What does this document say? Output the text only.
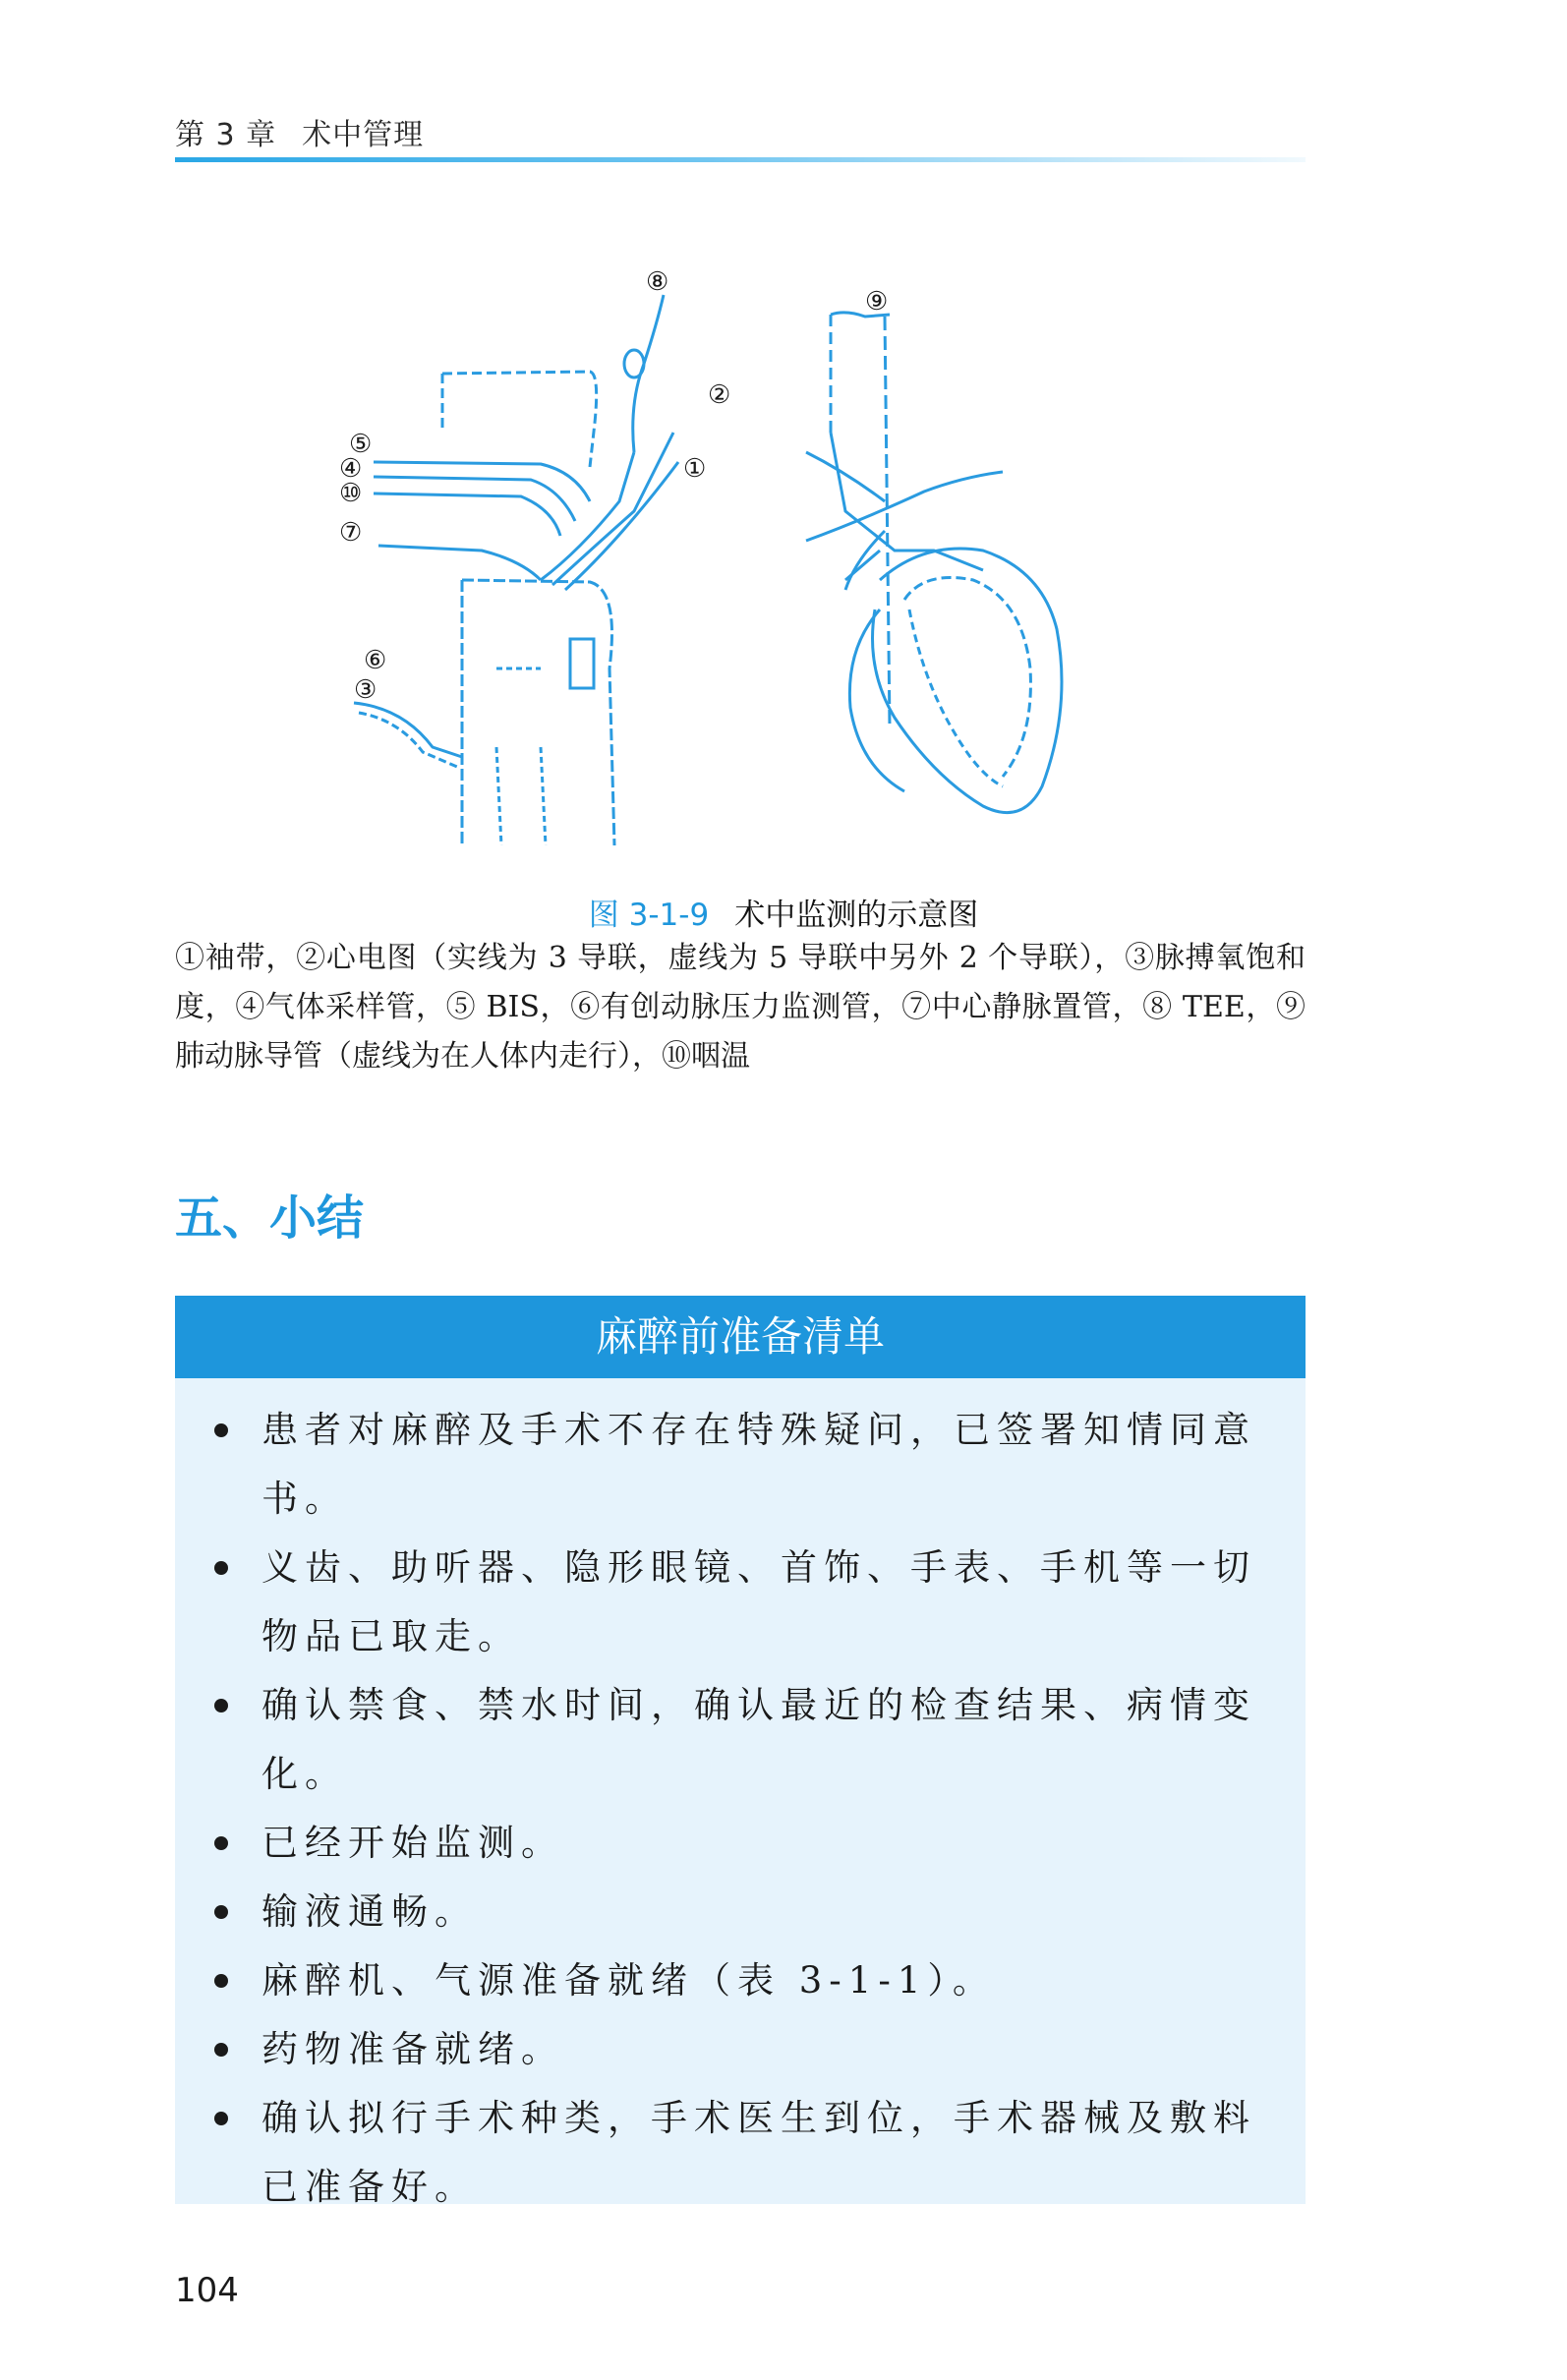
第 3 章 术中管理
⑧
②
①
⑤
④
⑩
⑦
⑥
③
⑨
图 3-1-9 术中监测的示意图
①袖带，②心电图（实线为 3 导联，虚线为 5 导联中另外 2 个导联），③脉搏氧饱和度，④气体采样管，⑤ BIS，⑥有创动脉压力监测管，⑦中心静脉置管，⑧ TEE，⑨肺动脉导管（虚线为在人体内走行），⑩咽温
五、小结
麻醉前准备清单
患者对麻醉及手术不存在特殊疑问，已签署知情同意书。
义齿、助听器、隐形眼镜、首饰、手表、手机等一切物品已取走。
确认禁食、禁水时间，确认最近的检查结果、病情变化。
已经开始监测。
输液通畅。
麻醉机、气源准备就绪（表 3-1-1）。
药物准备就绪。
确认拟行手术种类，手术医生到位，手术器械及敷料已准备好。
104
